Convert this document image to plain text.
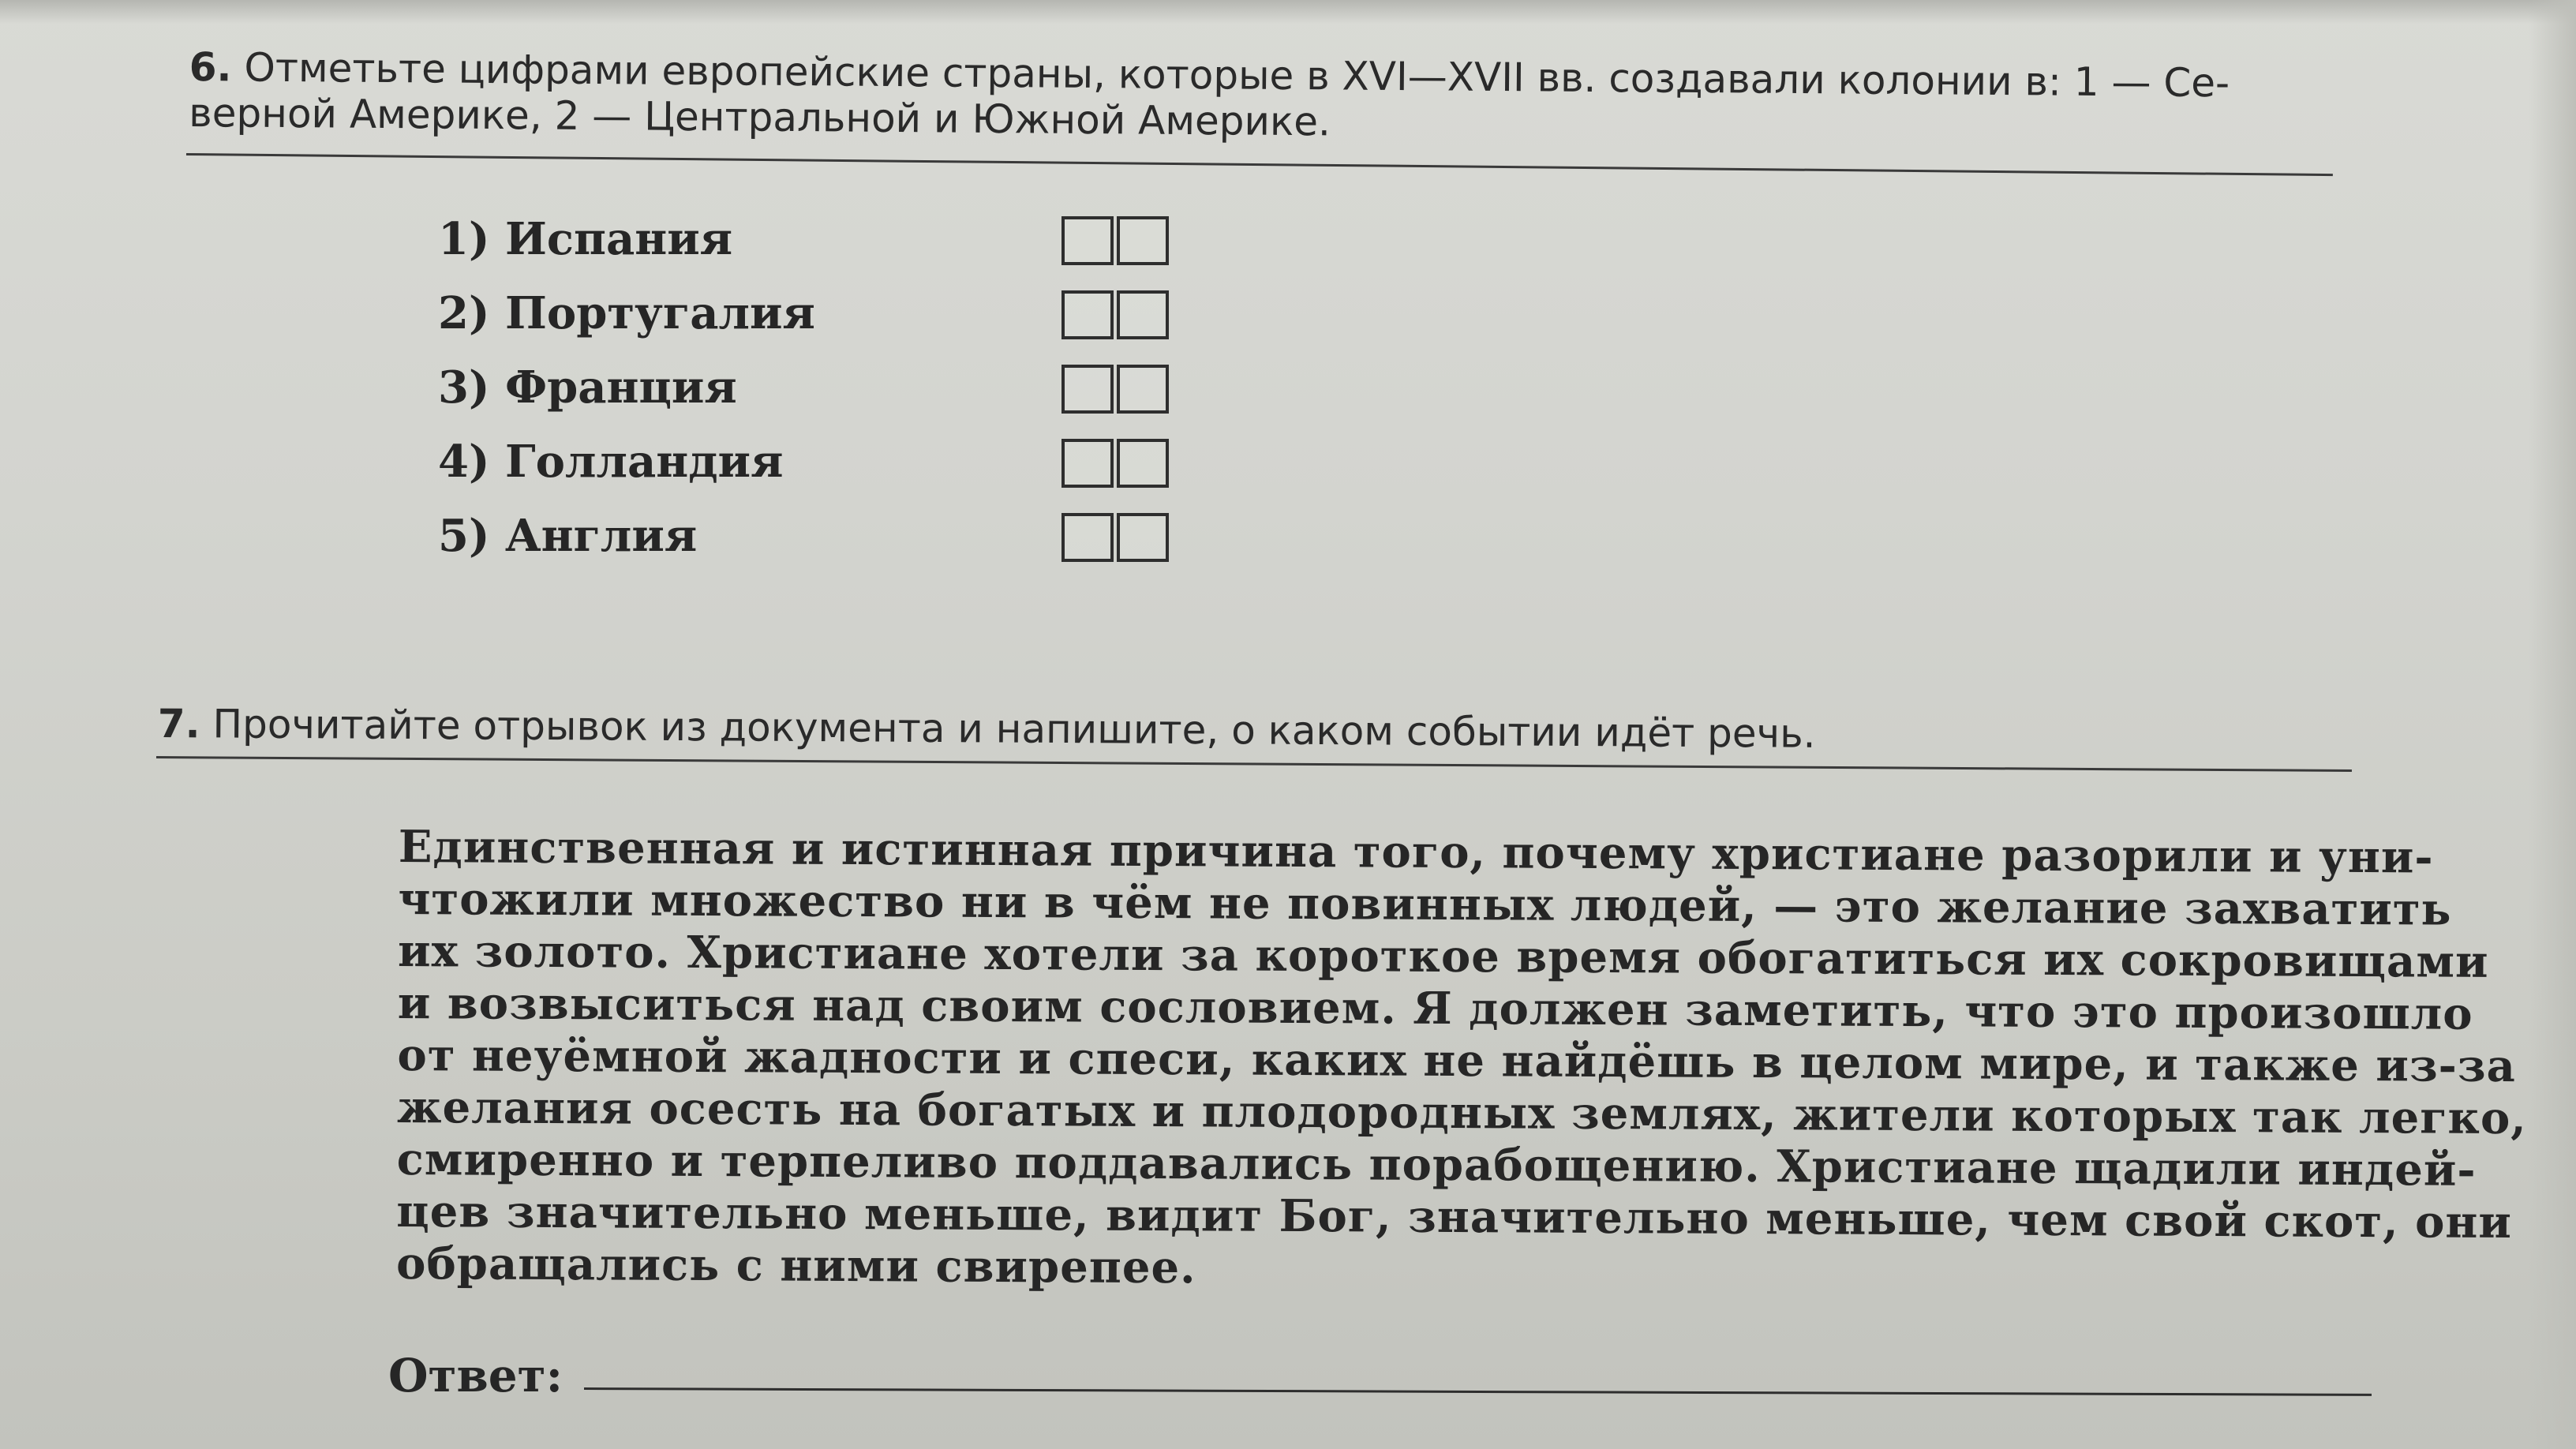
6. Отметьте цифрами европейские страны, которые в XVI—XVII вв. создавали колонии в: 1 — Се-
верной Америке, 2 — Центральной и Южной Америке.
1) Испания
2) Португалия
3) Франция
4) Голландия
5) Англия
7. Прочитайте отрывок из документа и напишите, о каком событии идёт речь.
Единственная и истинная причина того, почему христиане разорили и уни-
чтожили множество ни в чём не повинных людей, — это желание захватить
их золото. Христиане хотели за короткое время обогатиться их сокровищами
и возвыситься над своим сословием. Я должен заметить, что это произошло
от неуёмной жадности и спеси, каких не найдёшь в целом мире, и также из-за
желания осесть на богатых и плодородных землях, жители которых так легко,
смиренно и терпеливо поддавались порабощению. Христиане щадили индей-
цев значительно меньше, видит Бог, значительно меньше, чем свой скот, они
обращались с ними свирепее.
Ответ:
